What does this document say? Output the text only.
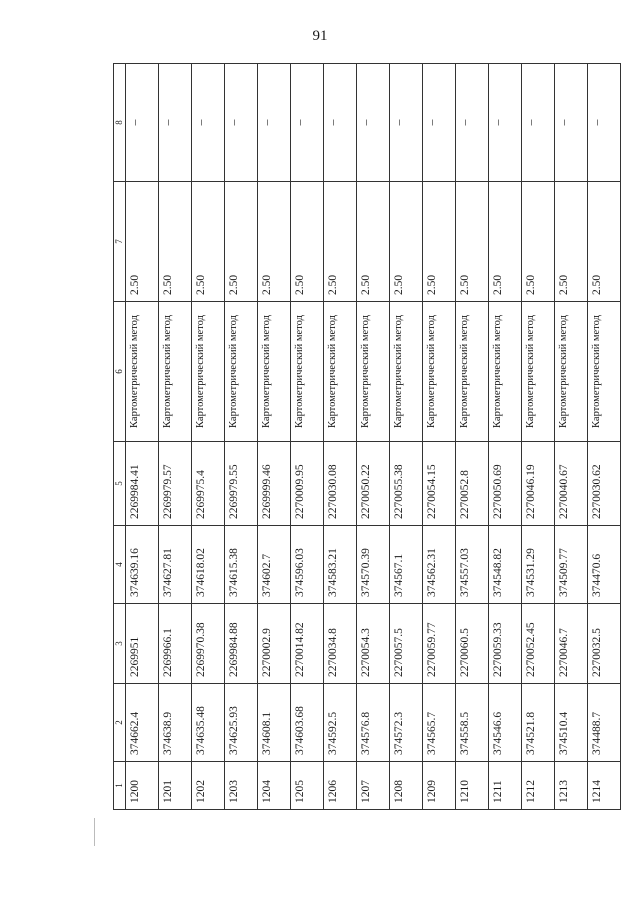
91
1	2	3	4	5	6	7	8
1200	374662.4	2269951	374639.16	2269984.41	Картометрический метод	2.50	–
1201	374638.9	2269966.1	374627.81	2269979.57	Картометрический метод	2.50	–
1202	374635.48	2269970.38	374618.02	2269975.4	Картометрический метод	2.50	–
1203	374625.93	2269984.88	374615.38	2269979.55	Картометрический метод	2.50	–
1204	374608.1	2270002.9	374602.7	2269999.46	Картометрический метод	2.50	–
1205	374603.68	2270014.82	374596.03	2270009.95	Картометрический метод	2.50	–
1206	374592.5	2270034.8	374583.21	2270030.08	Картометрический метод	2.50	–
1207	374576.8	2270054.3	374570.39	2270050.22	Картометрический метод	2.50	–
1208	374572.3	2270057.5	374567.1	2270055.38	Картометрический метод	2.50	–
1209	374565.7	2270059.77	374562.31	2270054.15	Картометрический метод	2.50	–
1210	374558.5	2270060.5	374557.03	2270052.8	Картометрический метод	2.50	–
1211	374546.6	2270059.33	374548.82	2270050.69	Картометрический метод	2.50	–
1212	374521.8	2270052.45	374531.29	2270046.19	Картометрический метод	2.50	–
1213	374510.4	2270046.7	374509.77	2270040.67	Картометрический метод	2.50	–
1214	374488.7	2270032.5	374470.6	2270030.62	Картометрический метод	2.50	–
